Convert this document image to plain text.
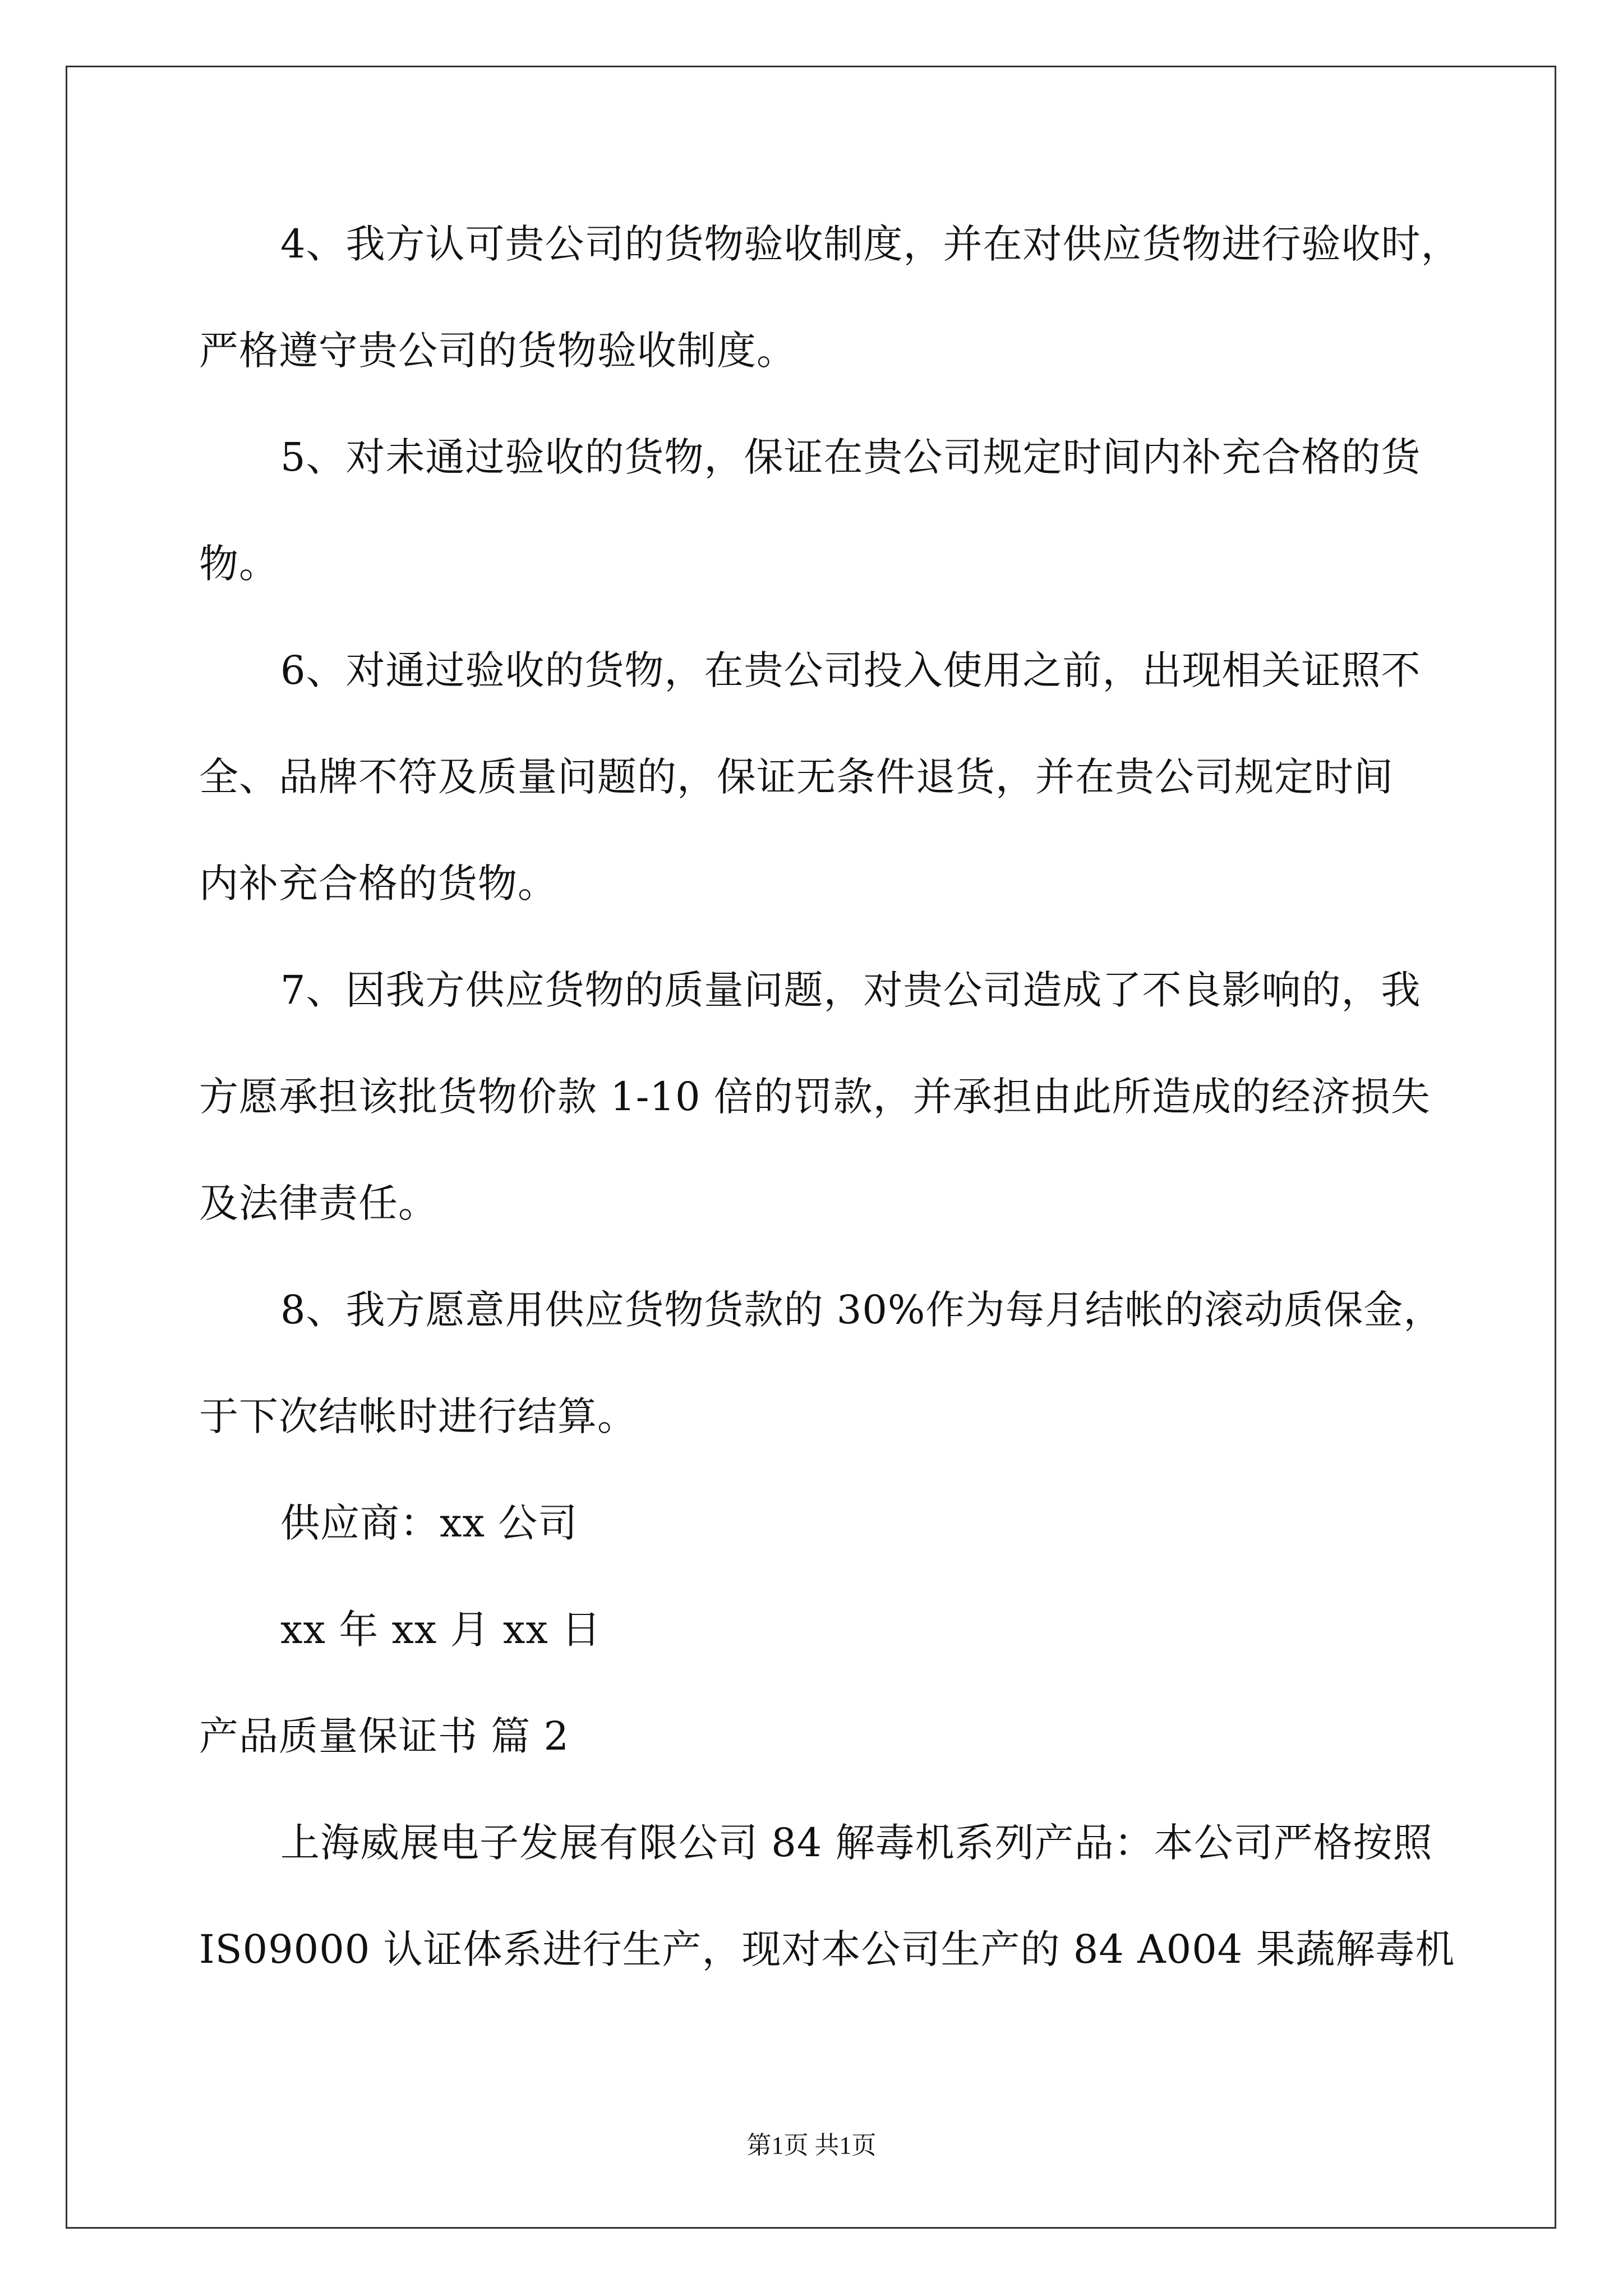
4、我方认可贵公司的货物验收制度，并在对供应货物进行验收时，
严格遵守贵公司的货物验收制度。
5、对未通过验收的货物，保证在贵公司规定时间内补充合格的货
物。
6、对通过验收的货物，在贵公司投入使用之前，出现相关证照不
全、品牌不符及质量问题的，保证无条件退货，并在贵公司规定时间
内补充合格的货物。
7、因我方供应货物的质量问题，对贵公司造成了不良影响的，我
方愿承担该批货物价款 1-10 倍的罚款，并承担由此所造成的经济损失
及法律责任。
8、我方愿意用供应货物货款的 30%作为每月结帐的滚动质保金，
于下次结帐时进行结算。
供应商：xx 公司
xx 年 xx 月 xx 日
产品质量保证书 篇 2
上海威展电子发展有限公司 84 解毒机系列产品：本公司严格按照
IS09000 认证体系进行生产，现对本公司生产的 84 A004 果蔬解毒机
第1页 共1页
